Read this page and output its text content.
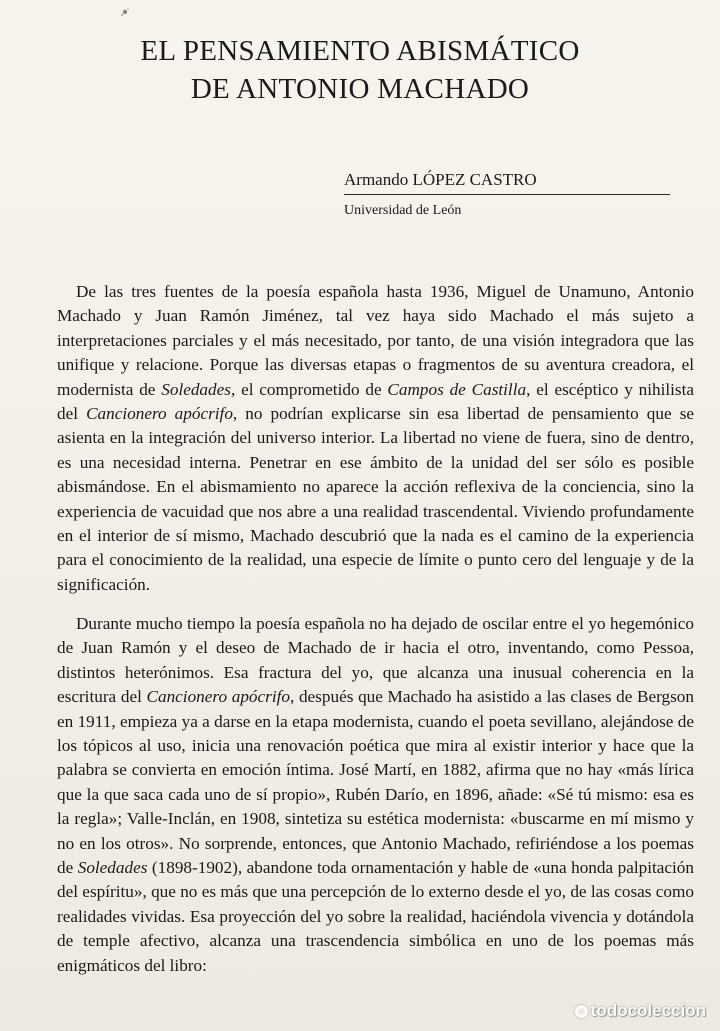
EL PENSAMIENTO ABISMÁTICO
DE ANTONIO MACHADO
Armando LÓPEZ CASTRO
Universidad de León

De las tres fuentes de la poesía española hasta 1936, Miguel de Unamuno, Antonio Machado y Juan Ramón Jiménez, tal vez haya sido Machado el más sujeto a interpretaciones parciales y el más necesitado, por tanto, de una visión integradora que las unifique y relacione. Porque las diversas etapas o fragmentos de su aventura creadora, el modernista de Soledades, el comprometido de Campos de Castilla, el escéptico y nihilista del Cancionero apócrifo, no podrían explicarse sin esa libertad de pensamiento que se asienta en la integración del universo interior. La libertad no viene de fuera, sino de dentro, es una necesidad interna. Penetrar en ese ámbito de la unidad del ser sólo es posible abismándose. En el abismamiento no aparece la acción reflexiva de la conciencia, sino la experiencia de vacuidad que nos abre a una realidad trascendental. Viviendo profundamente en el interior de sí mismo, Machado descubrió que la nada es el camino de la experiencia para el conocimiento de la realidad, una especie de límite o punto cero del lenguaje y de la significación.

Durante mucho tiempo la poesía española no ha dejado de oscilar entre el yo hegemónico de Juan Ramón y el deseo de Machado de ir hacia el otro, inventando, como Pessoa, distintos heterónimos. Esa fractura del yo, que alcanza una inusual coherencia en la escritura del Cancionero apócrifo, después que Machado ha asistido a las clases de Bergson en 1911, empieza ya a darse en la etapa modernista, cuando el poeta sevillano, alejándose de los tópicos al uso, inicia una renovación poética que mira al existir interior y hace que la palabra se convierta en emoción íntima. José Martí, en 1882, afirma que no hay «más lírica que la que saca cada uno de sí propio», Rubén Darío, en 1896, añade: «Sé tú mismo: esa es la regla»; Valle-Inclán, en 1908, sintetiza su estética modernista: «buscarme en mí mismo y no en los otros». No sorprende, entonces, que Antonio Machado, refiriéndose a los poemas de Soledades (1898-1902), abandone toda ornamentación y hable de «una honda palpitación del espíritu», que no es más que una percepción de lo externo desde el yo, de las cosas como realidades vividas. Esa proyección del yo sobre la realidad, haciéndola vivencia y dotándola de temple afectivo, alcanza una trascendencia simbólica en uno de los poemas más enigmáticos del libro:

todocoleccion
